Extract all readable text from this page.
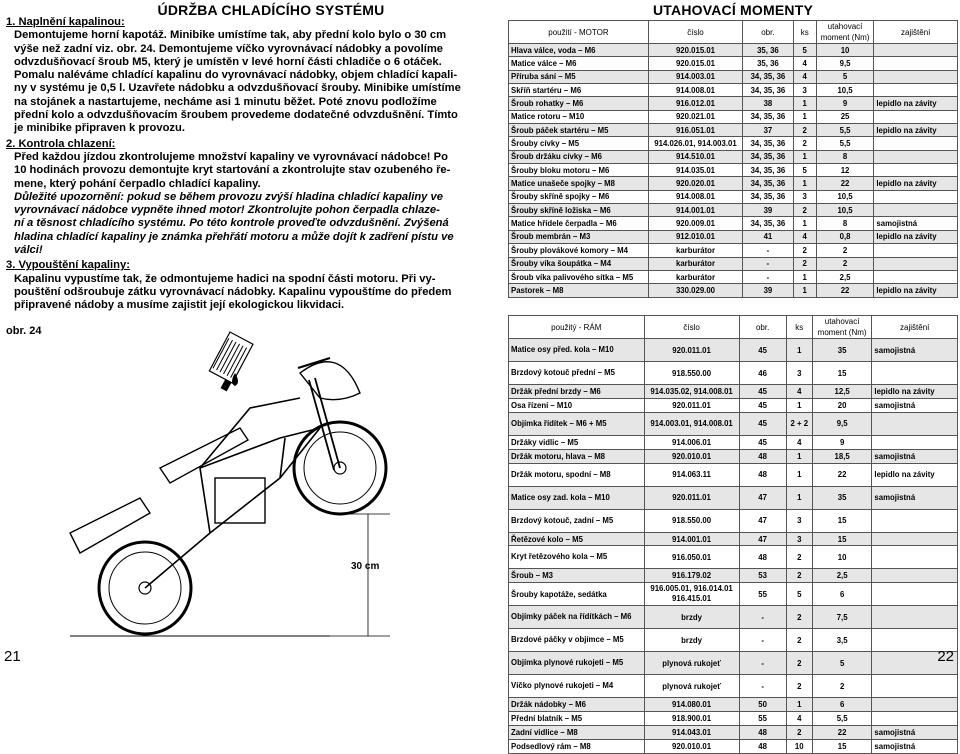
ÚDRŽBA CHLADÍCÍHO SYSTÉMU

1. Naplnění kapalinou:

Demontujeme horní kapotáž. Minibike umístíme tak, aby přední kolo bylo o 30 cm

výše než zadní viz. obr. 24. Demontujeme víčko vyrovnávací nádobky a povolíme

odvzdušňovací šroub M5, který je umístěn v levé horní části chladiče o 6 otáček.

Pomalu naléváme chladící kapalinu do vyrovnávací nádobky, objem chladící kapali-

ny v systému je 0,5 l. Uzavřete nádobku a odvzdušňovací šrouby. Minibike umístíme

na stojánek a nastartujeme, necháme asi 1 minutu běžet. Poté znovu podložíme

přední kolo a odvzdušňovacím šroubem provedeme dodatečné odvzdušnění. Tímto

je minibike připraven k provozu.

2. Kontrola chlazení:

Před každou jízdou zkontrolujeme množství kapaliny ve vyrovnávací nádobce! Po

10 hodinách provozu demontujte kryt startování a zkontrolujte stav ozubeného ře-

mene, který pohání čerpadlo chladící kapaliny.

Důležité upozornění: pokud se během provozu zvýší hladina chladící kapaliny ve

vyrovnávací nádobce vypněte ihned motor! Zkontrolujte pohon čerpadla chlaze-

ní a těsnost chladícího systému. Po této kontrole proveďte odvzdušnění. Zvýšená

hladina chladící kapaliny je známka přehřátí motoru a může dojít k zadření pístu ve

válci!

3. Vypouštění kapaliny:

Kapalinu vypustíme tak, že odmontujeme hadici na spodní části motoru. Při vy-

pouštění odšroubuje zátku vyrovnávací nádobky. Kapalinu vypouštíme do předem

připravené nádoby a musíme zajistit její ekologickou likvidaci.

obr. 24
30 cm
21
UTAHOVACÍ MOMENTY
použití - MOTOR	číslo	obr.	ks	utahovací moment (Nm)	zajištění
Hlava válce, voda – M6	920.015.01	35, 36	5	10	
Matice válce – M6	920.015.01	35, 36	4	9,5	
Příruba sání – M5	914.003.01	34, 35, 36	4	5	
Skříň startéru – M6	914.008.01	34, 35, 36	3	10,5	
Šroub rohatky – M6	916.012.01	38	1	9	lepidlo na závity
Matice rotoru – M10	920.021.01	34, 35, 36	1	25	
Šroub páček startéru – M5	916.051.01	37	2	5,5	lepidlo na závity
Šrouby cívky – M5	914.026.01, 914.003.01	34, 35, 36	2	5,5	
Šroub držáku cívky – M6	914.510.01	34, 35, 36	1	8	
Šrouby bloku motoru – M6	914.035.01	34, 35, 36	5	12	
Matice unašeče spojky – M8	920.020.01	34, 35, 36	1	22	lepidlo na závity
Šrouby skříně spojky – M6	914.008.01	34, 35, 36	3	10,5	
Šrouby skříně ložiska – M6	914.001.01	39	2	10,5	
Matice hřídele čerpadla – M6	920.009.01	34, 35, 36	1	8	samojistná
Šroub membrán – M3	912.010.01	41	4	0,8	lepidlo na závity
Šrouby plovákové komory – M4	karburátor	-	2	2	
Šrouby víka šoupátka – M4	karburátor	-	2	2	
Šroub víka palivového sítka – M5	karburátor	-	1	2,5	
Pastorek – M8	330.029.00	39	1	22	lepidlo na závity
použitý - RÁM	číslo	obr.	ks	utahovací moment (Nm)	zajištění
Matice osy před. kola – M10	920.011.01	45	1	35	samojistná
Brzdový kotouč přední – M5	918.550.00	46	3	15	
Držák přední brzdy – M6	914.035.02, 914.008.01	45	4	12,5	lepidlo na závity
Osa řízení – M10	920.011.01	45	1	20	samojistná
Objímka řídítek – M6 + M5	914.003.01, 914.008.01	45	2 + 2	9,5	
Držáky vidlic – M5	914.006.01	45	4	9	
Držák motoru, hlava – M8	920.010.01	48	1	18,5	samojistná
Držák motoru, spodní – M8	914.063.11	48	1	22	lepidlo na závity
Matice osy zad. kola – M10	920.011.01	47	1	35	samojistná
Brzdový kotouč, zadní – M5	918.550.00	47	3	15	
Řetězové kolo – M5	914.001.01	47	3	15	
Kryt řetězového kola – M5	916.050.01	48	2	10	
Šroub – M3	916.179.02	53	2	2,5	
Šrouby kapotáže, sedátka	916.005.01, 916.014.01 916.415.01	55	5	6	
Objímky páček na řídítkách – M6	brzdy	-	2	7,5	
Brzdové páčky v objímce – M5	brzdy	-	2	3,5	
Objímka plynové rukojeti – M5	plynová rukojeť	-	2	5	
Víčko plynové rukojeti – M4	plynová rukojeť	-	2	2	
Držák nádobky – M6	914.080.01	50	1	6	
Přední blatník – M5	918.900.01	55	4	5,5	
Zadní vidlice – M8	914.043.01	48	2	22	samojistná
Podsedlový rám – M8	920.010.01	48	10	15	samojistná
22
